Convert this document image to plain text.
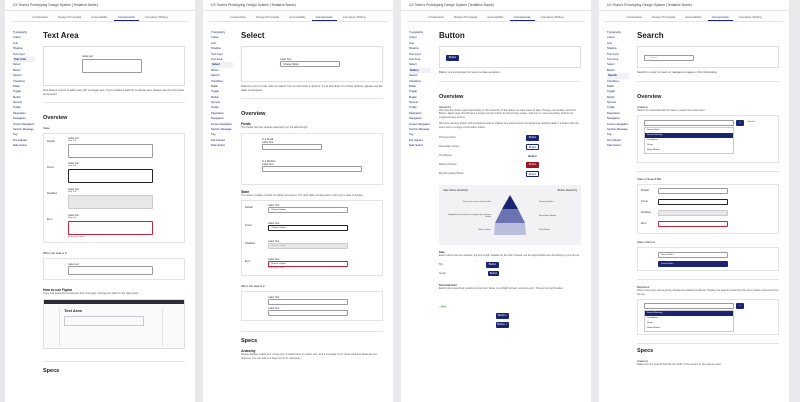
UX Team's Prototyping Design System (Tentative Name)
Introduction	Design Principals	Accessibility	Components	Complete Writing
Typography
Colour
Link
Shadow
Text Input
Text Area
Select
Button
Search
Checkbox
Radio
Toggle
Modal
Spinner
Tooltip
Pagination
Navigation
Footer Navigation
Section Message
Tag
File Upload
Date Select
Text Area
Label text
Text Area is a form to add more rich or longer text. If you require a field for a shorter text, please use the Text input component.
Overview
State
Default
Label text
Help Text
Focus
Label text
Help Text
Disabled
Label text
Help Text
Error
Label text
Help Text
Error text is here
When the data is in
Label text
How to use Figma
Copy and paste the component from this page. Change the label on the right panel.
Text Area
Specs
UX Team's Prototyping Design System (Tentative Name)
Introduction	Design Principals	Accessibility	Components	Complete Writing
Typography
Colour
Link
Shadow
Text Input
Text Area
Select
Button
Search
Checkbox
Radio
Toggle
Modal
Spinner
Tooltip
Pagination
Navigation
Footer Navigation
Section Message
Tag
File Upload
Date Select
Select
Label Text
Choose Option
Select is a form to let users to select one or more than 4 options. If it is less than 3 to these options, please use the radio component.
Overview
Fields
The Fields has two variants depending on the label length.
In a Small
Label Text
In a Medium
Label Text
State
The select contains 4 kinds of visible component. The right table corresponds to the User's state of display.
Default
Label Text
Choose Option
Focus
Label Text
Choose Option
Disabled
Label Text
Choose Option
Error
Label Text
Choose Option
Error text is here
When the data is in
Label Text
Label Text
Specs
Anatomy
Please display a label text, a help text, a select field, an option text, and a message if you need. All those fields are not required. You can add in a help text if it is necessary.
UX Team's Prototyping Design System (Tentative Name)
Introduction	Design Principals	Accessibility	Components	Complete Writing
Typography
Colour
Link
Shadow
Text Input
Text Area
Select
Button
Search
Checkbox
Radio
Toggle
Modal
Spinner
Tooltip
Pagination
Navigation
Footer Navigation
Section Message
Tag
File Upload
Date Select
Button
Button
Button is a component for users to take an action.
Overview
Hierarchy
We have the below types depending on the hierarchy of the action we want users to take: Primary, Secondary, and Text Button. Each page should have a single primary button for the primary action, and one or more secondary buttons for supplementary actions.
We have warning button with contextual actions. Please use these buttons for actions as deleting data or a button with the same size to a large confirmation button.
Primary button	Button
Secondary button	Button
Text Button	Button
Warning Button	Button
Big Secondary Button	Button
User Action Hierarchy	Button Hierarchy
The action users want to take
Supplementary action to support the primary action
Other actions
Primary Button
Secondary Button
Text Button
Size
Each button has two variants, big and small, suitable for the task. Please use the appropriate size according to your layout.
Big	Button
Small	Button
Text and icon
Each button has three positions of an icon: None, Icon Right (arrow), and Icon Left - Tick as the confirmation.
New
Button ›
Button ✓
UX Team's Prototyping Design System (Tentative Name)
Introduction	Design Principals	Accessibility	Components	Complete Writing
Typography
Colour
Link
Shadow
Text Input
Text Area
Select
Button
Search
Checkbox
Radio
Toggle
Modal
Spinner
Tooltip
Pagination
Navigation
Footer Navigation
Section Message
Tag
File Upload
Date Select
Search
⌕ Search
Search is a tool for users to navigate to pages or find information.
Overview
Anatomy
Search is connected with the select, search box and button.
⌕	Search
Screen Main
Search Meeting
Candidates
Status
Show Rooms
State of Search Bar
Default
Focus
Disabled
Error
State of Errors
Screen Main
Screen Main
Behaviour
When users type the keyword, display the related results list. Display the search result from the list or select a keyword from the list.
⌕
Search Meeting
Candidates
Status
Show Rooms
Specs
Anatomy
Make sure the search field fits the width of the screen or the column area.
